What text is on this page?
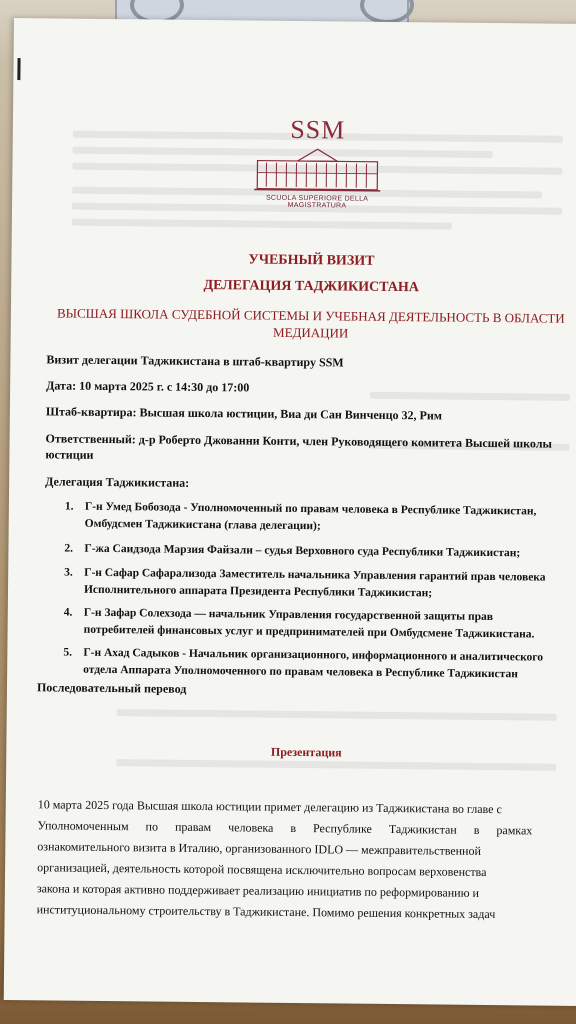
SSM
SCUOLA SUPERIORE DELLA MAGISTRATURA
УЧЕБНЫЙ ВИЗИТ
ДЕЛЕГАЦИЯ ТАДЖИКИСТАНА
ВЫСШАЯ ШКОЛА СУДЕБНОЙ СИСТЕМЫ И УЧЕБНАЯ ДЕЯТЕЛЬНОСТЬ В ОБЛАСТИ МЕДИАЦИИ
Визит делегации Таджикистана в штаб-квартиру SSM
Дата: 10 марта 2025 г. с 14:30 до 17:00
Штаб-квартира: Высшая школа юстиции, Виа ди Сан Винченцо 32, Рим
Ответственный: д-р Роберто Джованни Конти, член Руководящего комитета Высшей школы юстиции
Делегация Таджикистана:
1. Г-н Умед Бобозода - Уполномоченный по правам человека в Республике Таджикистан,
Омбудсмен Таджикистана (глава делегации);
2. Г-жа Саидзода Марзия Файзали – судья Верховного суда Республики Таджикистан;
3. Г-н Сафар Сафарализода Заместитель начальника Управления гарантий прав человека
Исполнительного аппарата Президента Республики Таджикистан;
4. Г-н Зафар Солехзода — начальник Управления государственной защиты прав
потребителей финансовых услуг и предпринимателей при Омбудсмене Таджикистана.
5. Г-н Ахад Садыков - Начальник организационного, информационного и аналитического
отдела Аппарата Уполномоченного по правам человека в Республике Таджикистан
Последовательный перевод
Презентация
10 марта 2025 года Высшая школа юстиции примет делегацию из Таджикистана во главе с
Уполномоченным по правам человека в Республике Таджикистан в рамках
ознакомительного визита в Италию, организованного IDLO — межправительственной
организацией, деятельность которой посвящена исключительно вопросам верховенства
закона и которая активно поддерживает реализацию инициатив по реформированию и
институциональному строительству в Таджикистане. Помимо решения конкретных задач
